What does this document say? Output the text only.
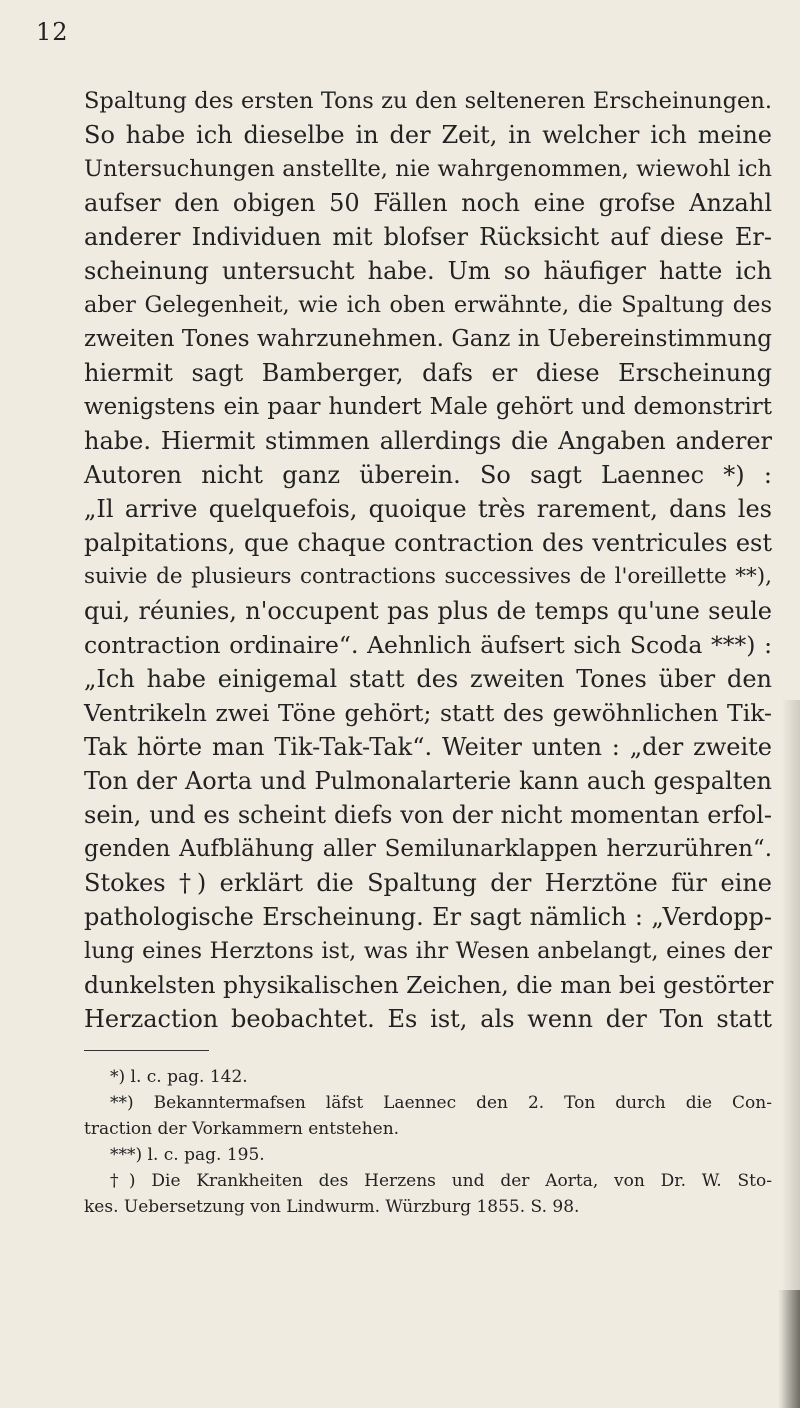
12
Spaltung des ersten Tons zu den selteneren Erscheinungen.
So habe ich dieselbe in der Zeit, in welcher ich meine
Untersuchungen anstellte, nie wahrgenommen, wiewohl ich
aufser den obigen 50 Fällen noch eine grofse Anzahl
anderer Individuen mit blofser Rücksicht auf diese Er-
scheinung untersucht habe. Um so häufiger hatte ich
aber Gelegenheit, wie ich oben erwähnte, die Spaltung des
zweiten Tones wahrzunehmen. Ganz in Uebereinstimmung
hiermit sagt Bamberger, dafs er diese Erscheinung
wenigstens ein paar hundert Male gehört und demonstrirt
habe. Hiermit stimmen allerdings die Angaben anderer
Autoren nicht ganz überein. So sagt Laennec *) :
„Il arrive quelquefois, quoique très rarement, dans les
palpitations, que chaque contraction des ventricules est
suivie de plusieurs contractions successives de l'oreillette **),
qui, réunies, n'occupent pas plus de temps qu'une seule
contraction ordinaire“. Aehnlich äufsert sich Scoda ***) :
„Ich habe einigemal statt des zweiten Tones über den
Ventrikeln zwei Töne gehört; statt des gewöhnlichen Tik-
Tak hörte man Tik-Tak-Tak“. Weiter unten : „der zweite
Ton der Aorta und Pulmonalarterie kann auch gespalten
sein, und es scheint diefs von der nicht momentan erfol-
genden Aufblähung aller Semilunarklappen herzurühren“.
Stokes †) erklärt die Spaltung der Herztöne für eine
pathologische Erscheinung. Er sagt nämlich : „Verdopp-
lung eines Herztons ist, was ihr Wesen anbelangt, eines der
dunkelsten physikalischen Zeichen, die man bei gestörter
Herzaction beobachtet. Es ist, als wenn der Ton statt
*) l. c. pag. 142.
**) Bekanntermafsen läfst Laennec den 2. Ton durch die Con-
traction der Vorkammern entstehen.
***) l. c. pag. 195.
†) Die Krankheiten des Herzens und der Aorta, von Dr. W. Sto-
kes. Uebersetzung von Lindwurm. Würzburg 1855. S. 98.
